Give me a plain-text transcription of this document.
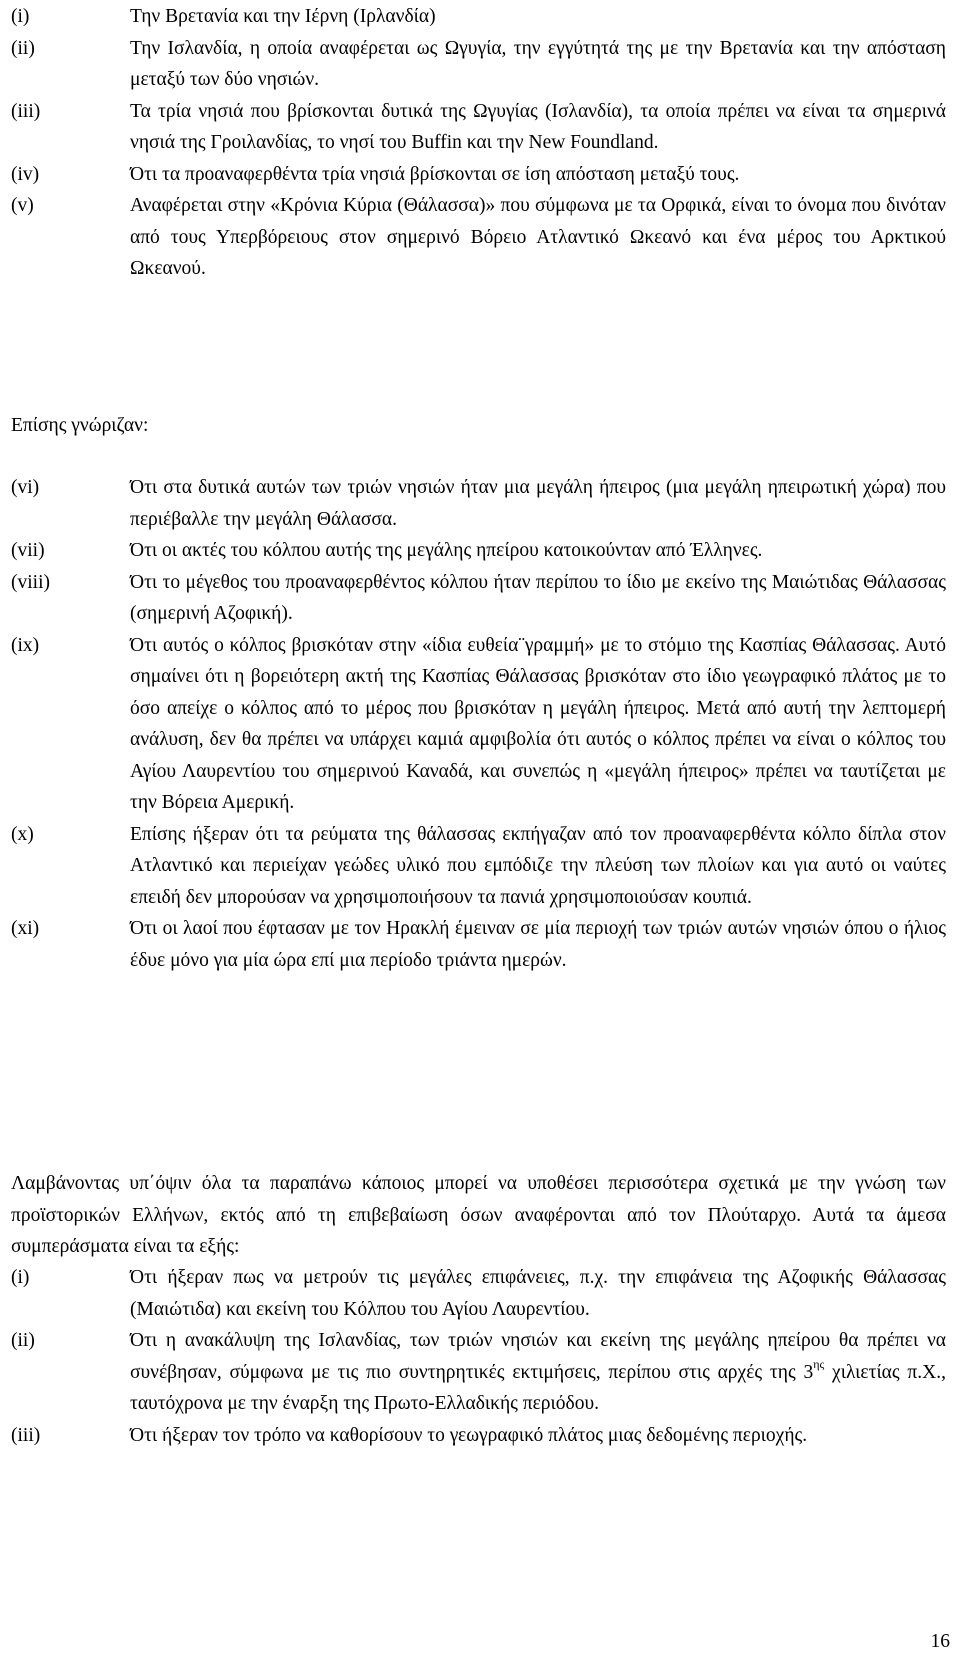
(i)	Την Βρετανία και την Ιέρνη (Ιρλανδία)
(ii)	Την Ισλανδία, η οποία αναφέρεται ως Ωγυγία, την εγγύτητά της με την Βρετανία και την απόσταση μεταξύ των δύο νησιών.
(iii)	Τα τρία νησιά που βρίσκονται δυτικά της Ωγυγίας (Ισλανδία), τα οποία πρέπει να είναι τα σημερινά νησιά της Γροιλανδίας, το νησί του Buffin και την New Foundland.
(iv)	Ότι τα προαναφερθέντα τρία νησιά βρίσκονται σε ίση απόσταση μεταξύ τους.
(v)	Αναφέρεται στην «Κρόνια Κύρια (Θάλασσα)» που σύμφωνα με τα Ορφικά, είναι το όνομα που δινόταν από τους Υπερβόρειους στον σημερινό Βόρειο Ατλαντικό Ωκεανό και ένα μέρος του Αρκτικού Ωκεανού.
Επίσης γνώριζαν:
(vi)	Ότι στα δυτικά αυτών των τριών νησιών ήταν μια μεγάλη ήπειρος (μια μεγάλη ηπειρωτική χώρα) που περιέβαλλε την μεγάλη Θάλασσα.
(vii)	Ότι οι ακτές του κόλπου αυτής της μεγάλης ηπείρου κατοικούνταν από Έλληνες.
(viii)	Ότι το μέγεθος του προαναφερθέντος κόλπου ήταν περίπου το ίδιο με εκείνο της Μαιώτιδας Θάλασσας (σημερινή Αζοφική).
(ix)	Ότι αυτός ο κόλπος βρισκόταν στην «ίδια ευθεία¨γραμμή» με το στόμιο της Κασπίας Θάλασσας. Αυτό σημαίνει ότι η βορειότερη ακτή της Κασπίας Θάλασσας βρισκόταν στο ίδιο γεωγραφικό πλάτος με το όσο απείχε ο κόλπος από το μέρος που βρισκόταν η μεγάλη ήπειρος. Μετά από αυτή την λεπτομερή ανάλυση, δεν θα πρέπει να υπάρχει καμιά αμφιβολία ότι αυτός ο κόλπος πρέπει να είναι ο κόλπος του Αγίου Λαυρεντίου του σημερινού Καναδά, και συνεπώς η «μεγάλη ήπειρος» πρέπει να ταυτίζεται με την Βόρεια Αμερική.
(x)	Επίσης ήξεραν ότι τα ρεύματα της θάλασσας εκπήγαζαν από τον προαναφερθέντα κόλπο δίπλα στον Ατλαντικό και περιείχαν γεώδες υλικό που εμπόδιζε την πλεύση των πλοίων και για αυτό οι ναύτες επειδή δεν μπορούσαν να χρησιμοποιήσουν τα πανιά χρησιμοποιούσαν κουπιά.
(xi)	Ότι οι λαοί που έφτασαν με τον Ηρακλή έμειναν σε μία περιοχή των τριών αυτών νησιών όπου ο ήλιος έδυε μόνο για μία ώρα επί μια περίοδο τριάντα ημερών.
Λαμβάνοντας υπ΄όψιν όλα τα παραπάνω κάποιος μπορεί να υποθέσει περισσότερα σχετικά με την γνώση των προϊστορικών Ελλήνων, εκτός από τη επιβεβαίωση όσων αναφέρονται από τον Πλούταρχο. Αυτά τα άμεσα συμπεράσματα είναι τα εξής:
(i)	Ότι ήξεραν πως να μετρούν τις μεγάλες επιφάνειες, π.χ. την επιφάνεια της Αζοφικής Θάλασσας (Μαιώτιδα) και εκείνη του Κόλπου του Αγίου Λαυρεντίου.
(ii)	Ότι η ανακάλυψη της Ισλανδίας, των τριών νησιών και εκείνη της μεγάλης ηπείρου θα πρέπει να συνέβησαν, σύμφωνα με τις πιο συντηρητικές εκτιμήσεις, περίπου στις αρχές της $3^{\eta\varsigma}$ χιλιετίας π.Χ., ταυτόχρονα με την έναρξη της Πρωτο-Ελλαδικής περιόδου.
(iii)	Ότι ήξεραν τον τρόπο να καθορίσουν το γεωγραφικό πλάτος μιας δεδομένης περιοχής.
16
